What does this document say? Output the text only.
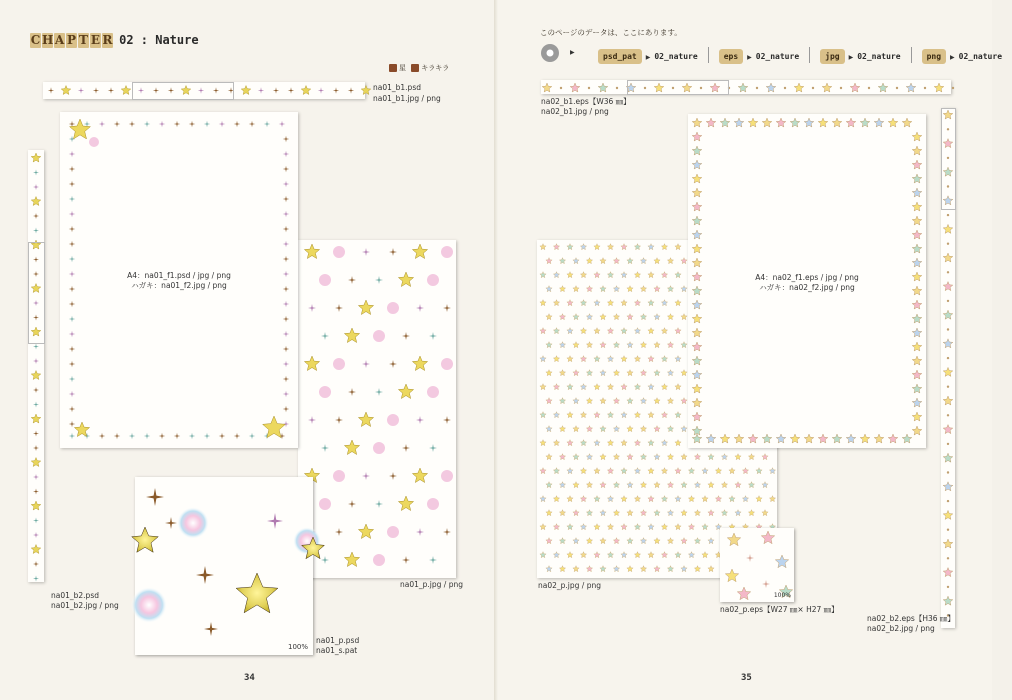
C H A P T E R 02 : Nature
星 キラキラ
na01_b1.psd
na01_b1.jpg / png
na01_b2.psd
na01_b2.jpg / png
na01_p.jpg / png
A4：na01_f1.psd / jpg / png
ハガキ：na01_f2.jpg / png
100%
na01_p.psd
na01_s.pat
34
このページのデータは、ここにあります。
▶	psd_pat ▶ 02_nature	eps ▶ 02_nature	jpg ▶ 02_nature	png ▶ 02_nature
na02_b1.eps【W36 ㎜】
na02_b1.jpg / png
na02_p.jpg / png
A4：na02_f1.eps / jpg / png
ハガキ：na02_f2.jpg / png
na02_b2.eps【H36 ㎜】
na02_b2.jpg / png
100%
na02_p.eps【W27 ㎜× H27 ㎜】
35
